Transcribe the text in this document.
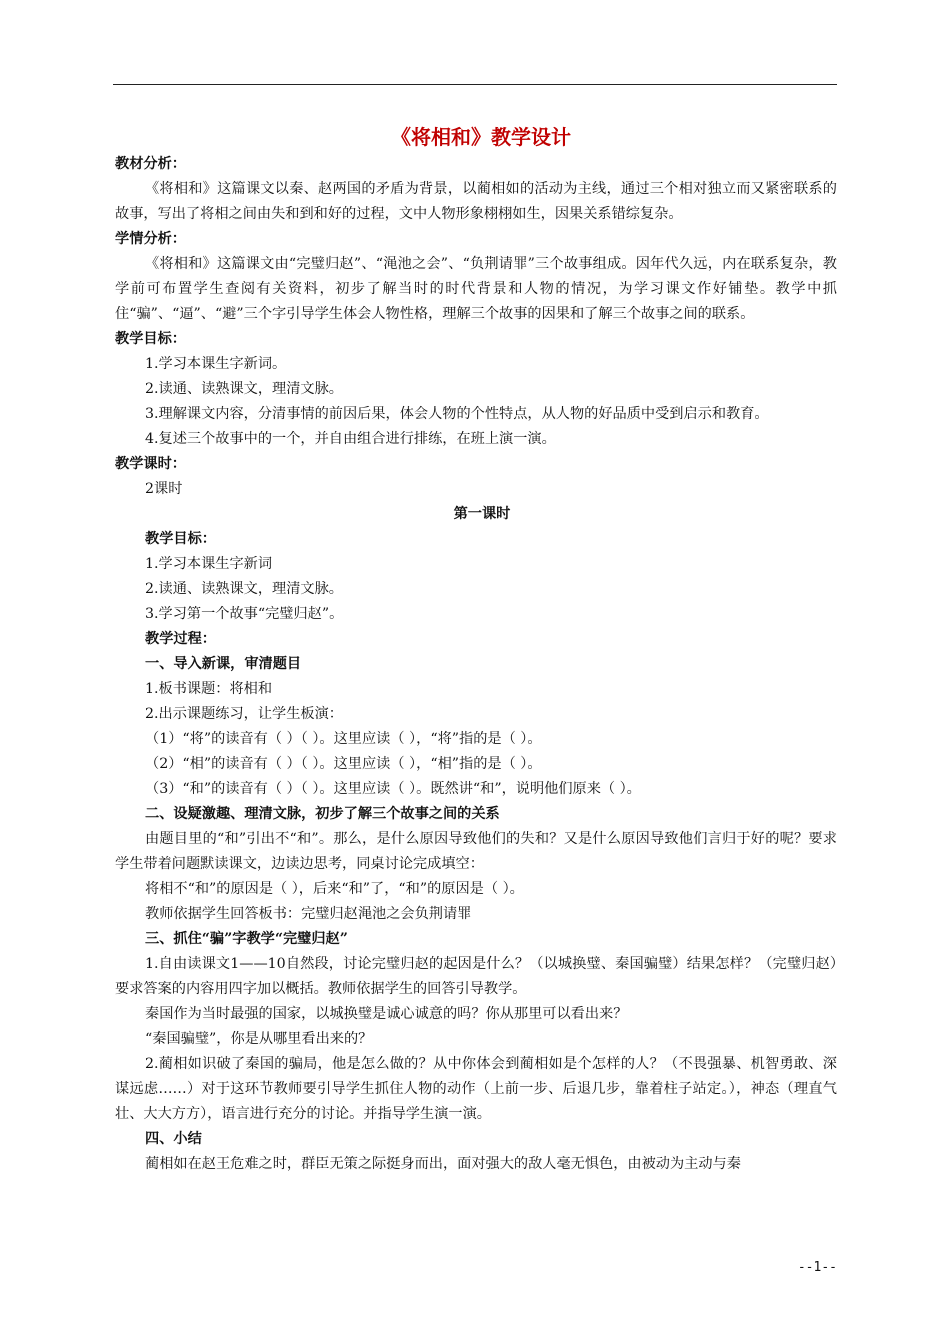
《将相和》教学设计

教材分析：

《将相和》这篇课文以秦、赵两国的矛盾为背景，以蔺相如的活动为主线，通过三个相对独立而又紧密联系的故事，写出了将相之间由失和到和好的过程，文中人物形象栩栩如生，因果关系错综复杂。

学情分析：

《将相和》这篇课文由“完璧归赵”、“渑池之会”、“负荆请罪”三个故事组成。因年代久远，内在联系复杂，教学前可布置学生查阅有关资料，初步了解当时的时代背景和人物的情况，为学习课文作好铺垫。教学中抓住“骗”、“逼”、“避”三个字引导学生体会人物性格，理解三个故事的因果和了解三个故事之间的联系。

教学目标：

1.学习本课生字新词。

2.读通、读熟课文，理清文脉。

3.理解课文内容，分清事情的前因后果，体会人物的个性特点，从人物的好品质中受到启示和教育。

4.复述三个故事中的一个，并自由组合进行排练，在班上演一演。

教学课时：

2课时

第一课时

教学目标：

1.学习本课生字新词

2.读通、读熟课文，理清文脉。

3.学习第一个故事“完璧归赵”。

教学过程：

一、导入新课，审清题目

1.板书课题：将相和

2.出示课题练习，让学生板演：

（1）“将”的读音有（ ）（ ）。这里应读（ ），“将”指的是（ ）。

（2）“相”的读音有（ ）（ ）。这里应读（ ），“相”指的是（ ）。

（3）“和”的读音有（ ）（ ）。这里应读（ ）。既然讲“和”，说明他们原来（ ）。

二、设疑激趣、理清文脉，初步了解三个故事之间的关系

由题目里的“和”引出不“和”。那么，是什么原因导致他们的失和？又是什么原因导致他们言归于好的呢？要求学生带着问题默读课文，边读边思考，同桌讨论完成填空：

将相不“和”的原因是（ ），后来“和”了，“和”的原因是（ ）。

教师依据学生回答板书：完璧归赵渑池之会负荆请罪

三、抓住“骗”字教学“完璧归赵”

1.自由读课文1——10自然段，讨论完璧归赵的起因是什么？（以城换璧、秦国骗璧）结果怎样？（完璧归赵）要求答案的内容用四字加以概括。教师依据学生的回答引导教学。

秦国作为当时最强的国家，以城换璧是诚心诚意的吗？你从那里可以看出来？

“秦国骗璧”，你是从哪里看出来的？

2.蔺相如识破了秦国的骗局，他是怎么做的？从中你体会到蔺相如是个怎样的人？（不畏强暴、机智勇敢、深谋远虑……）对于这环节教师要引导学生抓住人物的动作（上前一步、后退几步，靠着柱子站定。），神态（理直气壮、大大方方），语言进行充分的讨论。并指导学生演一演。

四、小结

蔺相如在赵王危难之时，群臣无策之际挺身而出，面对强大的敌人毫无惧色，由被动为主动与秦

--1--
